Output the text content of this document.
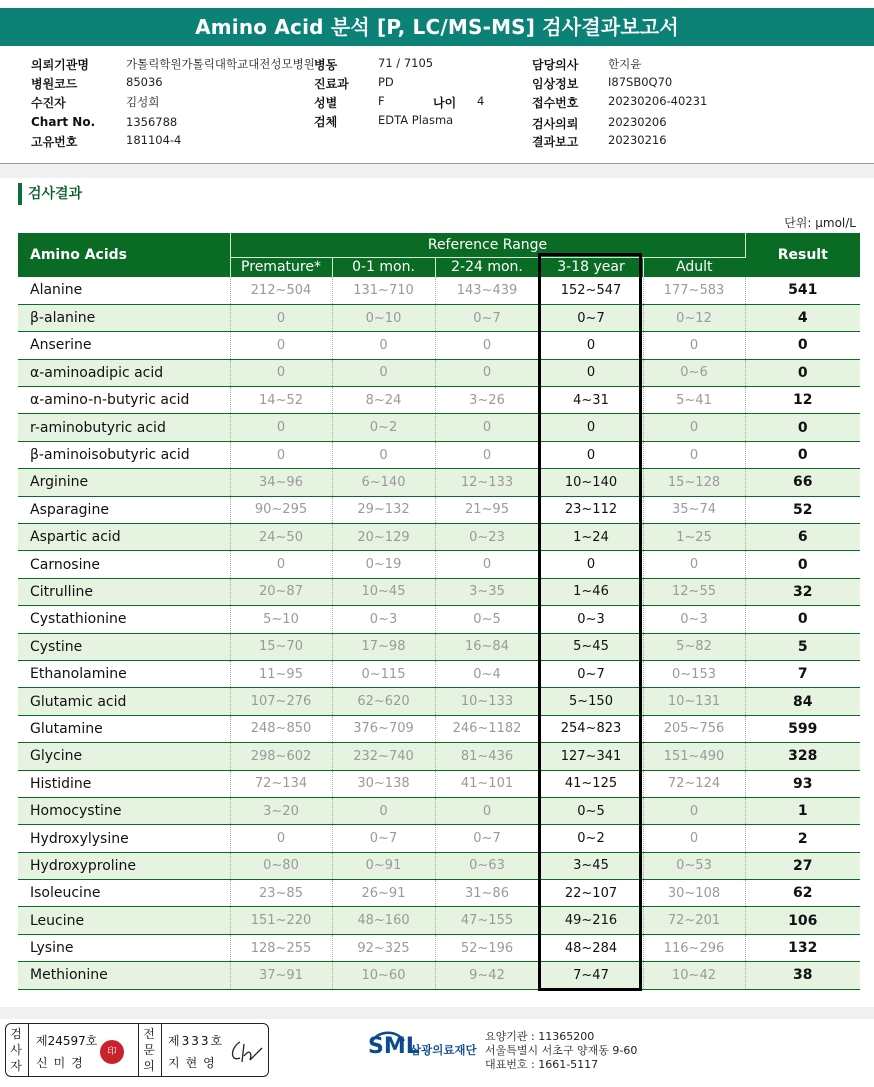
Amino Acid 분석 [P, LC/MS-MS] 검사결과보고서
의뢰기관명	가톨릭학원가톨릭대학교대전성모병원 병동	71 / 7105	담당의사	한지윤
병원코드	85036	진료과	PD	임상정보	I87SB0Q70
수진자	김성희	성별	F	나이 4	접수번호	20230206-40231
Chart No.	1356788	검체	EDTA Plasma	검사의뢰	20230206
고유번호	181104-4	결과보고	20230216
검사결과
단위: µmol/L
Amino Acids	Reference Range					Result
	Premature*	0-1 mon.	2-24 mon.	3-18 year	Adult	
Alanine	212~504	131~710	143~439	152~547	177~583	541
β-alanine	0	0~10	0~7	0~7	0~12	4
Anserine	0	0	0	0	0	0
α-aminoadipic acid	0	0	0	0	0~6	0
α-amino-n-butyric acid	14~52	8~24	3~26	4~31	5~41	12
r-aminobutyric acid	0	0~2	0	0	0	0
β-aminoisobutyric acid	0	0	0	0	0	0
Arginine	34~96	6~140	12~133	10~140	15~128	66
Asparagine	90~295	29~132	21~95	23~112	35~74	52
Aspartic acid	24~50	20~129	0~23	1~24	1~25	6
Carnosine	0	0~19	0	0	0	0
Citrulline	20~87	10~45	3~35	1~46	12~55	32
Cystathionine	5~10	0~3	0~5	0~3	0~3	0
Cystine	15~70	17~98	16~84	5~45	5~82	5
Ethanolamine	11~95	0~115	0~4	0~7	0~153	7
Glutamic acid	107~276	62~620	10~133	5~150	10~131	84
Glutamine	248~850	376~709	246~1182	254~823	205~756	599
Glycine	298~602	232~740	81~436	127~341	151~490	328
Histidine	72~134	30~138	41~101	41~125	72~124	93
Homocystine	3~20	0	0	0~5	0	1
Hydroxylysine	0	0~7	0~7	0~2	0	2
Hydroxyproline	0~80	0~91	0~63	3~45	0~53	27
Isoleucine	23~85	26~91	31~86	22~107	30~108	62
Leucine	151~220	48~160	47~155	49~216	72~201	106
Lysine	128~255	92~325	52~196	48~284	116~296	132
Methionine	37~91	10~60	9~42	7~47	10~42	38
검
사
자
제24597호
신미경
印
전
문
의
제333호
지현영
SML
삼광의료재단
요양기관 : 11365200
서울특별시 서초구 양재동 9-60
대표번호 : 1661-5117
